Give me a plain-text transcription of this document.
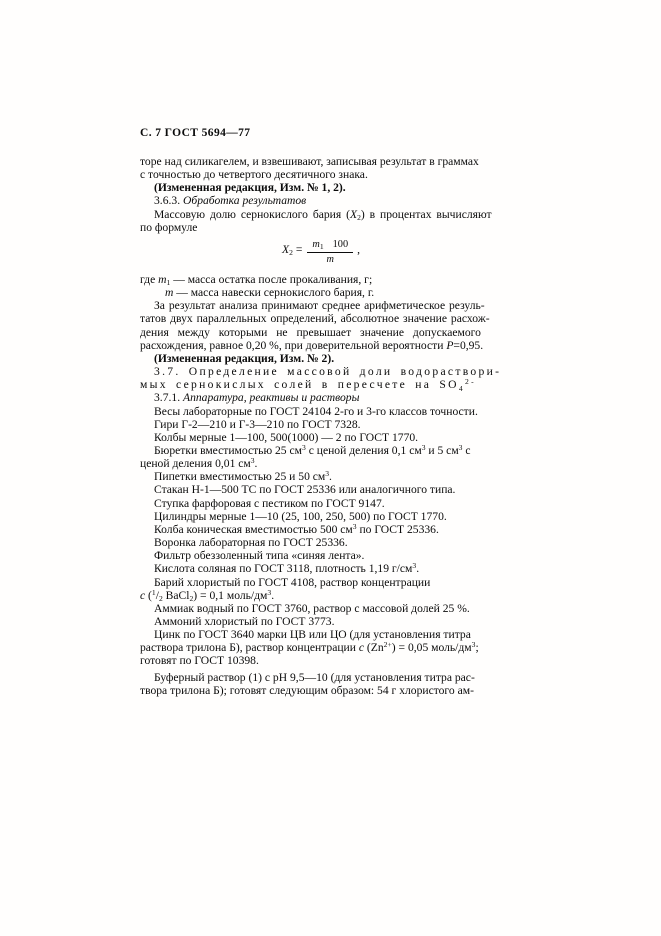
С. 7 ГОСТ 5694—77
торе над силикагелем, и взвешивают, записывая результат в граммах
с точностью до четвертого десятичного знака.
(Измененная редакция, Изм. № 1, 2).
3.6.3. Обработка результатов
Массовую долю сернокислого бария $(Х_2)$ в процентах вычисляют
по формуле
$Х_2 = \frac{m_1 100}{m}$ ,
где $m_1$ — масса остатка после прокаливания, г;
m — масса навески сернокислого бария, г.
За результат анализа принимают среднее арифметическое резуль-
татов двух параллельных определений, абсолютное значение расхож-
дения между которыми не превышает значение допускаемого
расхождения, равное 0,20 %, при доверительной вероятности Р=0,95.
(Измененная редакция, Изм. № 2).
3.7. Определение массовой доли водораствори-
мых сернокислых солей в пересчете на $SO_4^{2-}$
3.7.1. Аппаратура, реактивы и растворы
Весы лабораторные по ГОСТ 24104 2-го и 3-го классов точности.
Гири Г-2—210 и Г-3—210 по ГОСТ 7328.
Колбы мерные 1—100, 500(1000) — 2 по ГОСТ 1770.
Бюретки вместимостью 25 $см^3$ с ценой деления 0,1 $см^3$ и 5 $см^3$ с
ценой деления 0,01 $см^3$.
Пипетки вместимостью 25 и 50 $см^3$.
Стакан Н-1—500 ТС по ГОСТ 25336 или аналогичного типа.
Ступка фарфоровая с пестиком по ГОСТ 9147.
Цилиндры мерные 1—10 (25, 100, 250, 500) по ГОСТ 1770.
Колба коническая вместимостью 500 $см^3$ по ГОСТ 25336.
Воронка лабораторная по ГОСТ 25336.
Фильтр обеззоленный типа «синяя лента».
Кислота соляная по ГОСТ 3118, плотность 1,19 $г/см^3$.
Барий хлористый по ГОСТ 4108, раствор концентрации
с ($^1/_2$ BaCl$_2$) = 0,1 моль/$дм^3$.
Аммиак водный по ГОСТ 3760, раствор с массовой долей 25 %.
Аммоний хлористый по ГОСТ 3773.
Цинк по ГОСТ 3640 марки ЦВ или ЦО (для установления титра
раствора трилона Б), раствор концентрации с $(Zn^{2+}) = 0,05$ моль/$дм^3$;
готовят по ГОСТ 10398.
Буферный раствор (1) с рН 9,5—10 (для установления титра рас-
твора трилона Б); готовят следующим образом: 54 г хлористого ам-
